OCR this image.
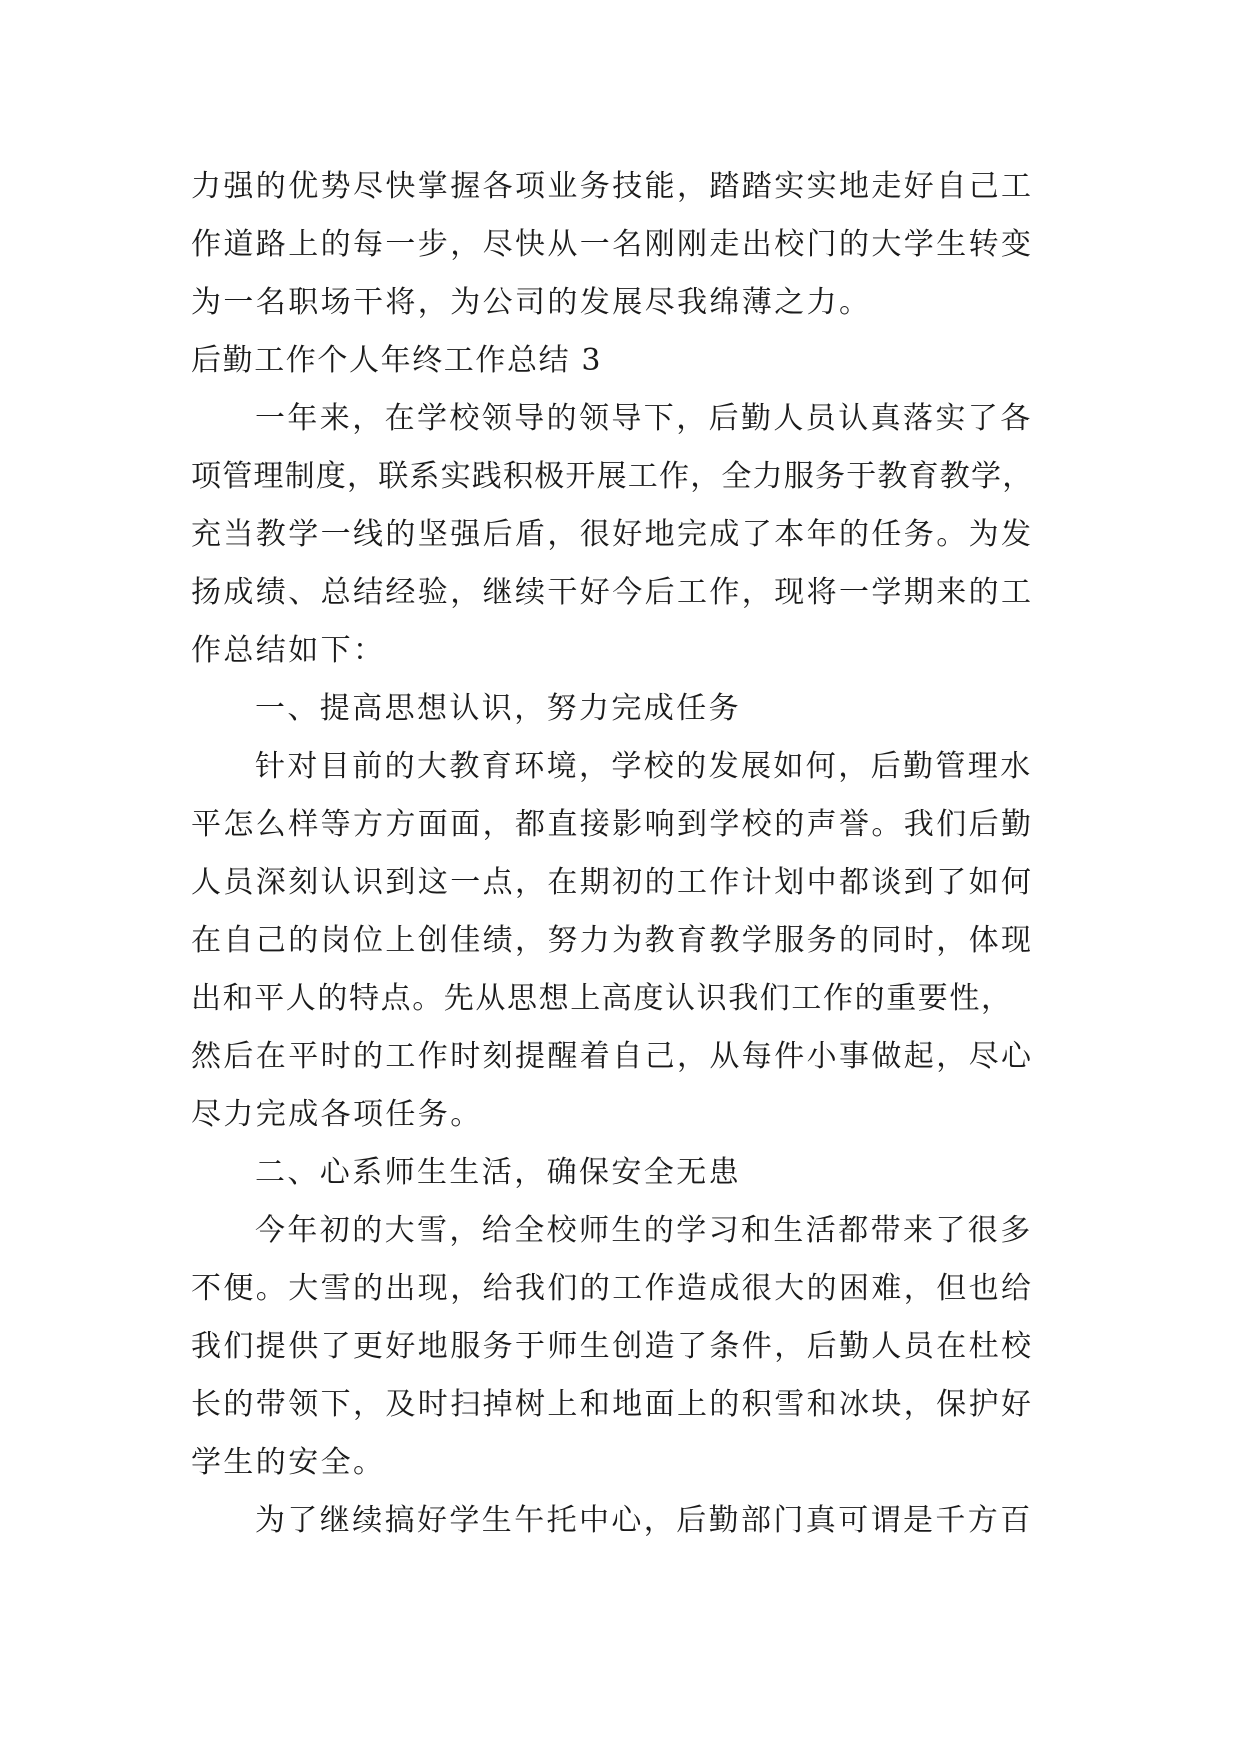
力强的优势尽快掌握各项业务技能，踏踏实实地走好自己工
作道路上的每一步，尽快从一名刚刚走出校门的大学生转变
为一名职场干将，为公司的发展尽我绵薄之力。
后勤工作个人年终工作总结 3
一年来，在学校领导的领导下，后勤人员认真落实了各
项管理制度，联系实践积极开展工作，全力服务于教育教学，
充当教学一线的坚强后盾，很好地完成了本年的任务。为发
扬成绩、总结经验，继续干好今后工作，现将一学期来的工
作总结如下：
一、提高思想认识，努力完成任务
针对目前的大教育环境，学校的发展如何，后勤管理水
平怎么样等方方面面，都直接影响到学校的声誉。我们后勤
人员深刻认识到这一点，在期初的工作计划中都谈到了如何
在自己的岗位上创佳绩，努力为教育教学服务的同时，体现
出和平人的特点。先从思想上高度认识我们工作的重要性，
然后在平时的工作时刻提醒着自己，从每件小事做起，尽心
尽力完成各项任务。
二、心系师生生活，确保安全无患
今年初的大雪，给全校师生的学习和生活都带来了很多
不便。大雪的出现，给我们的工作造成很大的困难，但也给
我们提供了更好地服务于师生创造了条件，后勤人员在杜校
长的带领下，及时扫掉树上和地面上的积雪和冰块，保护好
学生的安全。
为了继续搞好学生午托中心，后勤部门真可谓是千方百
